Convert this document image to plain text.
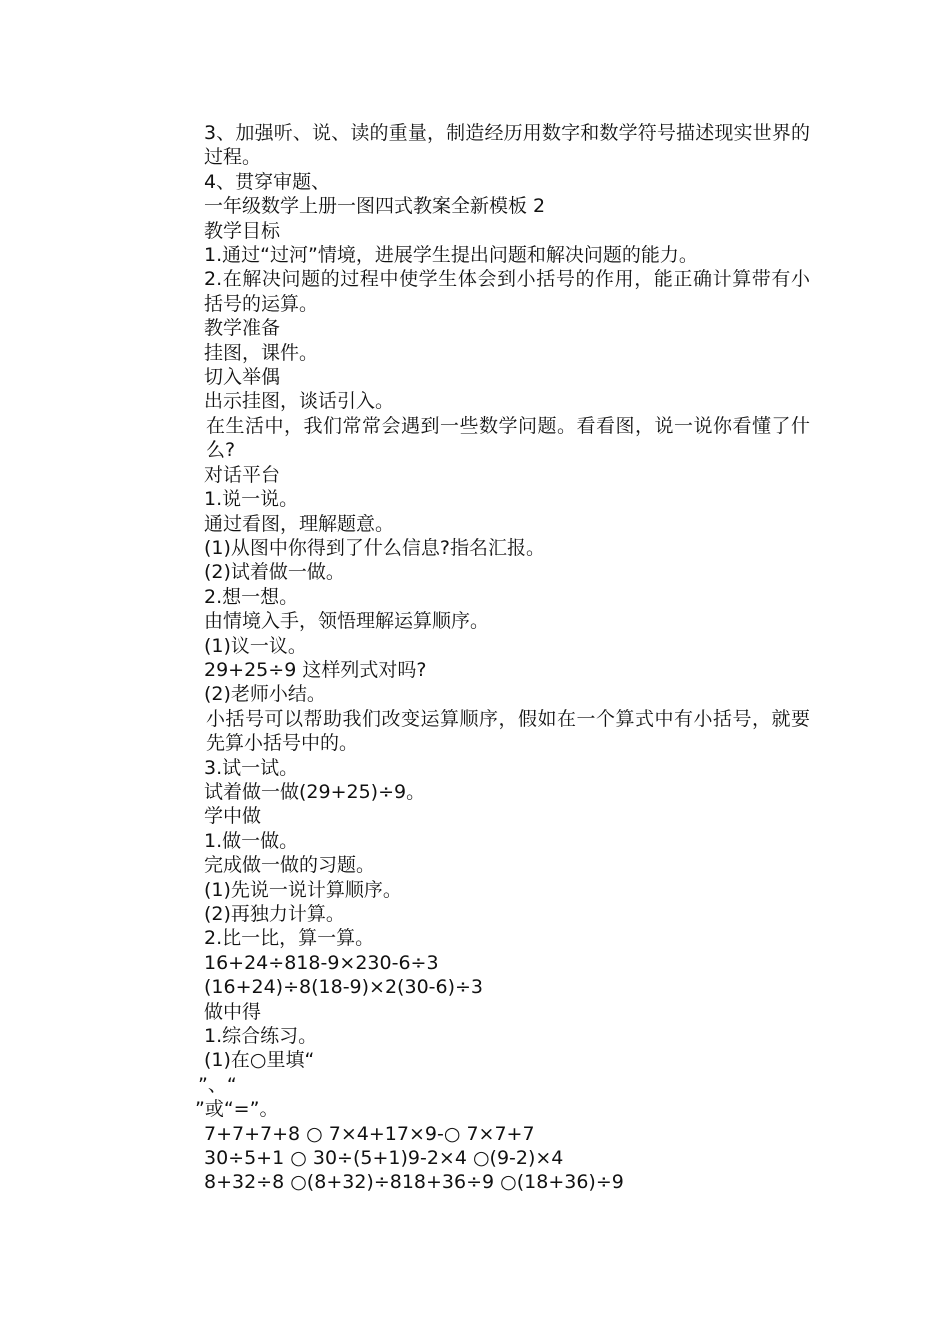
3、加强听、说、读的重量，制造经历用数字和数学符号描述现实世界的过程。

4、贯穿审题、

一年级数学上册一图四式教案全新模板 2

教学目标

1.通过“过河”情境，进展学生提出问题和解决问题的能力。

2.在解决问题的过程中使学生体会到小括号的作用，能正确计算带有小括号的运算。

教学准备

挂图，课件。

切入举偶

出示挂图，谈话引入。

在生活中，我们常常会遇到一些数学问题。看看图，说一说你看懂了什么?

对话平台

1.说一说。

通过看图，理解题意。

(1)从图中你得到了什么信息?指名汇报。

(2)试着做一做。

2.想一想。

由情境入手，领悟理解运算顺序。

(1)议一议。

29+25÷9 这样列式对吗?

(2)老师小结。

小括号可以帮助我们改变运算顺序，假如在一个算式中有小括号，就要先算小括号中的。

3.试一试。

试着做一做(29+25)÷9。

学中做

1.做一做。

完成做一做的习题。

(1)先说一说计算顺序。

(2)再独力计算。

2.比一比，算一算。

16+24÷818-9×230-6÷3

(16+24)÷8(18-9)×2(30-6)÷3

做中得

1.综合练习。

(1)在○里填“

”、“

”或“=”。

7+7+7+8 ○ 7×4+17×9-○ 7×7+7

30÷5+1 ○ 30÷(5+1)9-2×4 ○(9-2)×4

8+32÷8 ○(8+32)÷818+36÷9 ○(18+36)÷9
